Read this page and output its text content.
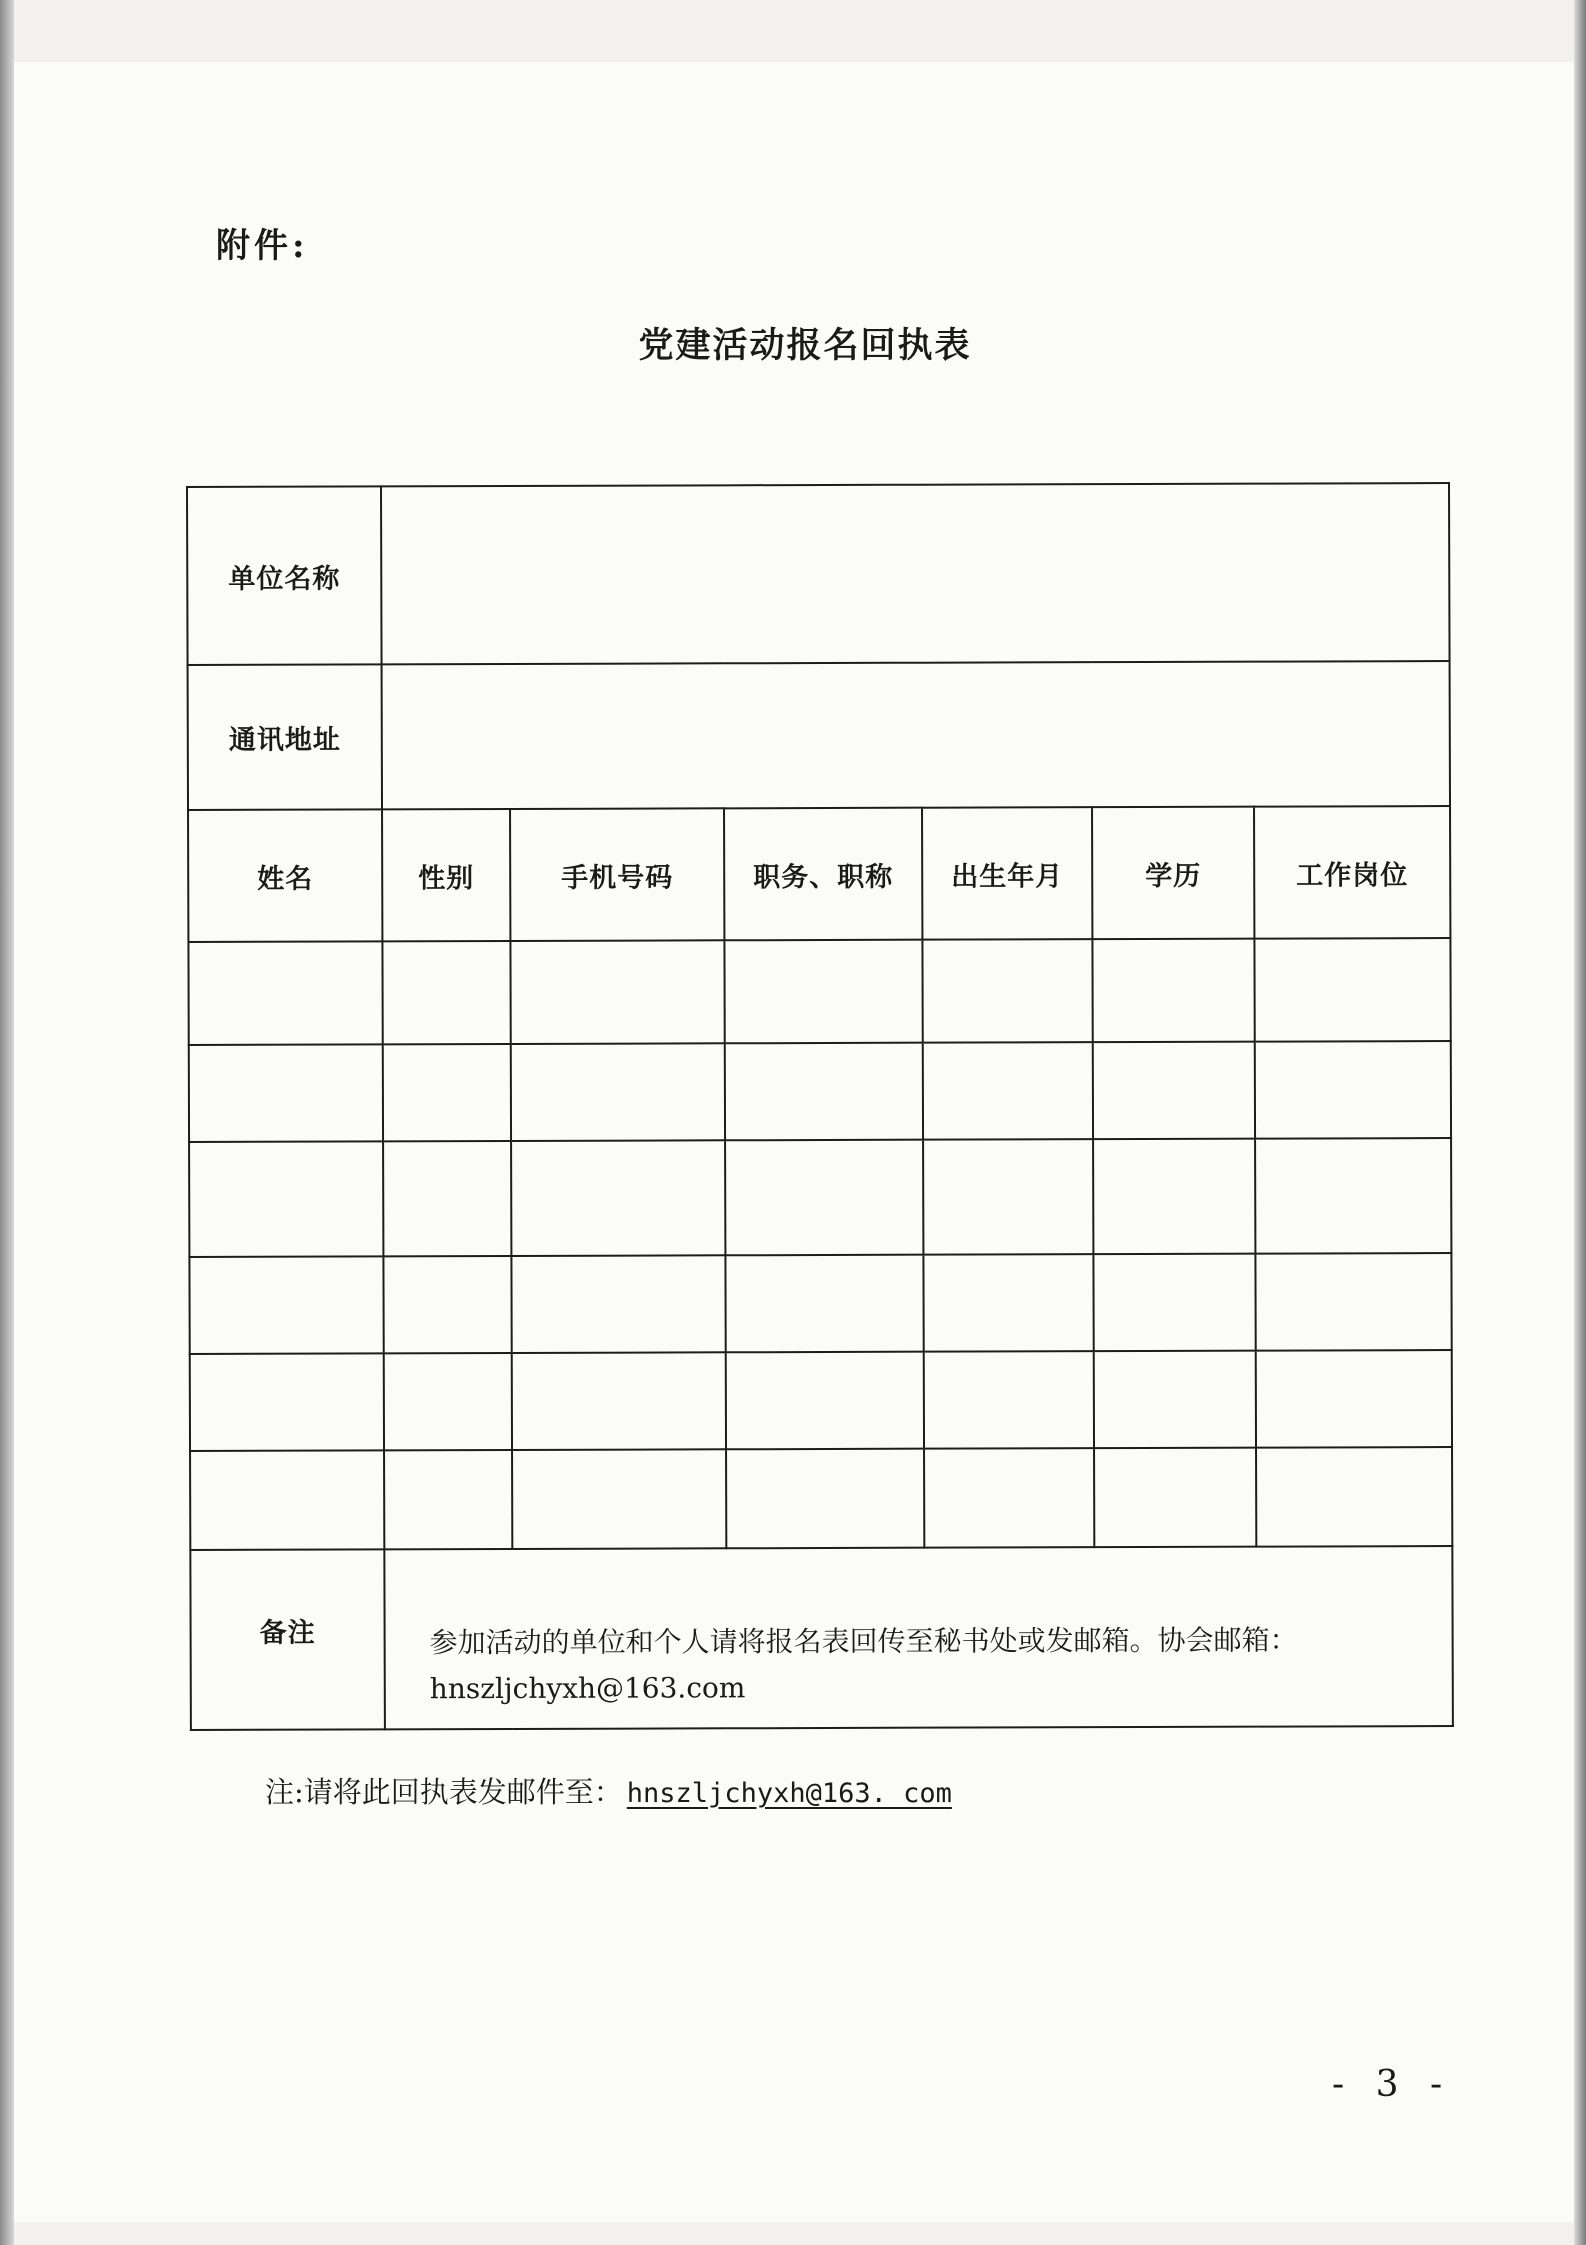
附件:
党建活动报名回执表
单位名称						
通讯地址						
姓名	性别	手机号码	职务、职称	出生年月	学历	工作岗位

备注	参加活动的单位和个人请将报名表回传至秘书处或发邮箱。协会邮箱：hnszljchyxh@163.com					
注:请将此回执表发邮件至： hnszljchyxh@163. com
- 3 -
